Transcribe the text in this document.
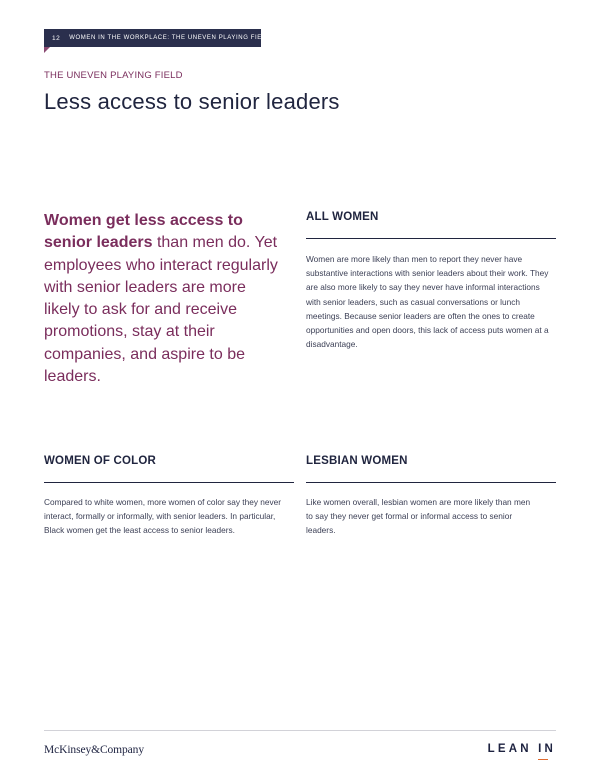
12	WOMEN IN THE WORKPLACE: THE UNEVEN PLAYING FIELD
THE UNEVEN PLAYING FIELD
Less access to senior leaders

Women get less access to senior leaders than men do. Yet employees who interact regularly with senior leaders are more likely to ask for and receive promotions, stay at their companies, and aspire to be leaders.

ALL WOMEN

Women are more likely than men to report they never have substantive interactions with senior leaders about their work. They are also more likely to say they never have informal interactions with senior leaders, such as casual conversations or lunch meetings. Because senior leaders are often the ones to create opportunities and open doors, this lack of access puts women at a disadvantage.

WOMEN OF COLOR

Compared to white women, more women of color say they never interact, formally or informally, with senior leaders. In particular, Black women get the least access to senior leaders.

LESBIAN WOMEN

Like women overall, lesbian women are more likely than men to say they never get formal or informal access to senior leaders.

McKinsey&Company	LEAN IN
